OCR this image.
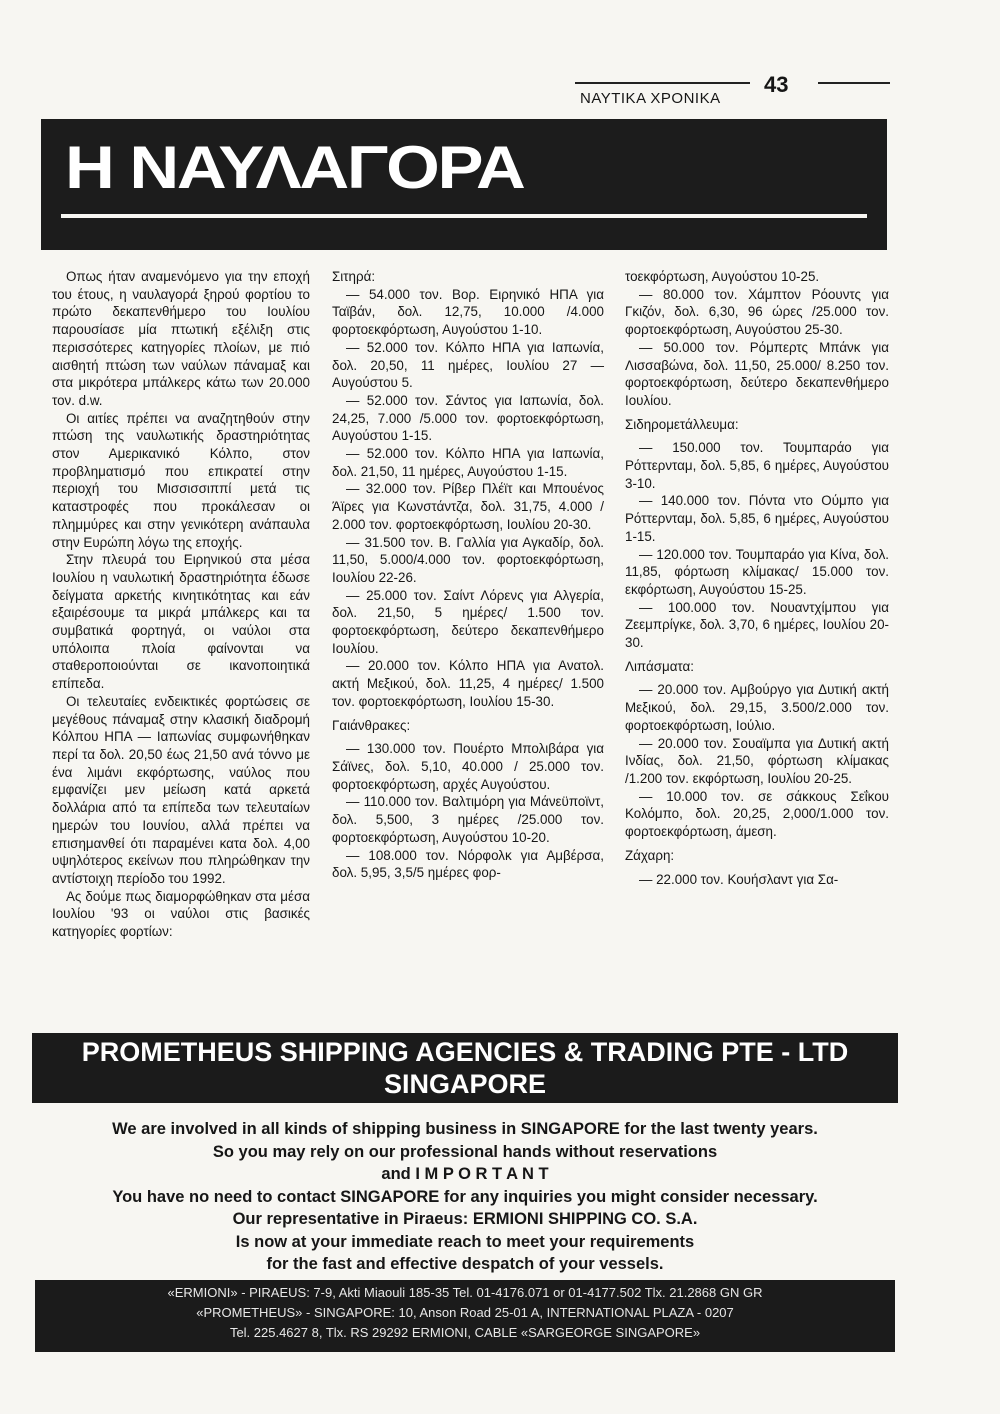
ΝΑΥΤΙΚΑ ΧΡΟΝΙΚΑ
43
Η ΝΑΥΛΑΓΟΡΑ

Οπως ήταν αναμενόμενο για την εποχή του έτους, η ναυλαγορά ξηρού φορτίου το πρώτο δεκαπενθήμερο του Ιουλίου παρουσίασε μία πτωτική εξέλιξη στις περισσότερες κατηγορίες πλοίων, με πιό αισθητή πτώση των ναύλων πάναμαξ και στα μικρότερα μπάλκερς κάτω των 20.000 τον. d.w.

Οι αιτίες πρέπει να αναζητηθούν στην πτώση της ναυλωτικής δραστηριότητας στον Αμερικανικό Κόλπο, στον προβληματισμό που επικρατεί στην περιοχή του Μισσισσιππί μετά τις καταστροφές που προκάλεσαν οι πλημμύρες και στην γενικότερη ανάπαυλα στην Ευρώπη λόγω της εποχής.

Στην πλευρά του Ειρηνικού στα μέσα Ιουλίου η ναυλωτική δραστηριότητα έδωσε δείγματα αρκετής κινητικότητας και εάν εξαιρέσουμε τα μικρά μπάλκερς και τα συμβατικά φορτηγά, οι ναύλοι στα υπόλοιπα πλοία φαίνονται να σταθεροποιούνται σε ικανοποιητικά επίπεδα.

Οι τελευταίες ενδεικτικές φορτώσεις σε μεγέθους πάναμαξ στην κλασική διαδρομή Κόλπου ΗΠΑ — Ιαπωνίας συμφωνήθηκαν περί τα δολ. 20,50 έως 21,50 ανά τόννο με ένα λιμάνι εκφόρτωσης, ναύλος που εμφανίζει μεν μείωση κατά αρκετά δολλάρια από τα επίπεδα των τελευταίων ημερών του Ιουνίου, αλλά πρέπει να επισημανθεί ότι παραμένει κατα δολ. 4,00 υψηλότερος εκείνων που πληρώθηκαν την αντίστοιχη περίοδο του 1992.

Ας δούμε πως διαμορφώθηκαν στα μέσα Ιουλίου '93 οι ναύλοι στις βασικές κατηγορίες φορτίων:

Σιτηρά:

— 54.000 τον. Βορ. Ειρηνικό ΗΠΑ για Ταϊβάν, δολ. 12,75, 10.000 /4.000 φορτοεκφόρτωση, Αυγούστου 1-10.

— 52.000 τον. Κόλπο ΗΠΑ για Ιαπωνία, δολ. 20,50, 11 ημέρες, Ιουλίου 27 — Αυγούστου 5.

— 52.000 τον. Σάντος για Ιαπωνία, δολ. 24,25, 7.000 /5.000 τον. φορτοεκφόρτωση, Αυγούστου 1-15.

— 52.000 τον. Κόλπο ΗΠΑ για Ιαπωνία, δολ. 21,50, 11 ημέρες, Αυγούστου 1-15.

— 32.000 τον. Ρίβερ Πλέϊτ και Μπουένος Άϊρες για Κωνστάντζα, δολ. 31,75, 4.000 / 2.000 τον. φορτοεκφόρτωση, Ιουλίου 20-30.

— 31.500 τον. Β. Γαλλία για Αγκαδίρ, δολ. 11,50, 5.000/4.000 τον. φορτοεκφόρτωση, Ιουλίου 22-26.

— 25.000 τον. Σαίντ Λόρενς για Αλγερία, δολ. 21,50, 5 ημέρες/ 1.500 τον. φορτοεκφόρτωση, δεύτερο δεκαπενθήμερο Ιουλίου.

— 20.000 τον. Κόλπο ΗΠΑ για Ανατολ. ακτή Μεξικού, δολ. 11,25, 4 ημέρες/ 1.500 τον. φορτοεκφόρτωση, Ιουλίου 15-30.

Γαιάνθρακες:

— 130.000 τον. Πουέρτο Μπολιβάρα για Σάϊνες, δολ. 5,10, 40.000 / 25.000 τον. φορτοεκφόρτωση, αρχές Αυγούστου.

— 110.000 τον. Βαλτιμόρη για Μάνεϋποϊντ, δολ. 5,500, 3 ημέρες /25.000 τον. φορτοεκφόρτωση, Αυγούστου 10-20.

— 108.000 τον. Νόρφολκ για Αμβέρσα, δολ. 5,95, 3,5/5 ημέρες φορ-

τοεκφόρτωση, Αυγούστου 10-25.

— 80.000 τον. Χάμπτον Ρόουντς για Γκιζόν, δολ. 6,30, 96 ώρες /25.000 τον. φορτοεκφόρτωση, Αυγούστου 25-30.

— 50.000 τον. Ρόμπερτς Μπάνκ για Λισσαβώνα, δολ. 11,50, 25.000/ 8.250 τον. φορτοεκφόρτωση, δεύτερο δεκαπενθήμερο Ιουλίου.

Σιδηρομετάλλευμα:

— 150.000 τον. Τουμπαράο για Ρόττερνταμ, δολ. 5,85, 6 ημέρες, Αυγούστου 3-10.

— 140.000 τον. Πόντα ντο Ούμπο για Ρόττερνταμ, δολ. 5,85, 6 ημέρες, Αυγούστου 1-15.

— 120.000 τον. Τουμπαράο για Κίνα, δολ. 11,85, φόρτωση κλίμακας/ 15.000 τον. εκφόρτωση, Αυγούστου 15-25.

— 100.000 τον. Νουαντχίμπου για Ζεεμπρίγκε, δολ. 3,70, 6 ημέρες, Ιουλίου 20-30.

Λιπάσματα:

— 20.000 τον. Αμβούργο για Δυτική ακτή Μεξικού, δολ. 29,15, 3.500/2.000 τον. φορτοεκφόρτωση, Ιούλιο.

— 20.000 τον. Σουαϊμπα για Δυτική ακτή Ινδίας, δολ. 21,50, φόρτωση κλίμακας /1.200 τον. εκφόρτωση, Ιουλίου 20-25.

— 10.000 τον. σε σάκκους Σεΐκου Κολόμπο, δολ. 20,25, 2,000/1.000 τον. φορτοεκφόρτωση, άμεση.

Ζάχαρη:

— 22.000 τον. Κουήσλαντ για Σα-

PROMETHEUS SHIPPING AGENCIES & TRADING PTE - LTD
SINGAPORE
We are involved in all kinds of shipping business in SINGAPORE for the last twenty years.
So you may rely on our professional hands without reservations
and I M P O R T A N T
You have no need to contact SINGAPORE for any inquiries you might consider necessary.
Our representative in Piraeus: ERMIONI SHIPPING CO. S.A.
Is now at your immediate reach to meet your requirements
for the fast and effective despatch of your vessels.
«ERMIONI» - PIRAEUS: 7-9, Akti Miaouli 185-35 Tel. 01-4176.071 or 01-4177.502 Tlx. 21.2868 GN GR
«PROMETHEUS» - SINGAPORE: 10, Anson Road 25-01 A, INTERNATIONAL PLAZA - 0207
Tel. 225.4627 8, Tlx. RS 29292 ERMIONI, CABLE «SARGEORGE SINGAPORE»
